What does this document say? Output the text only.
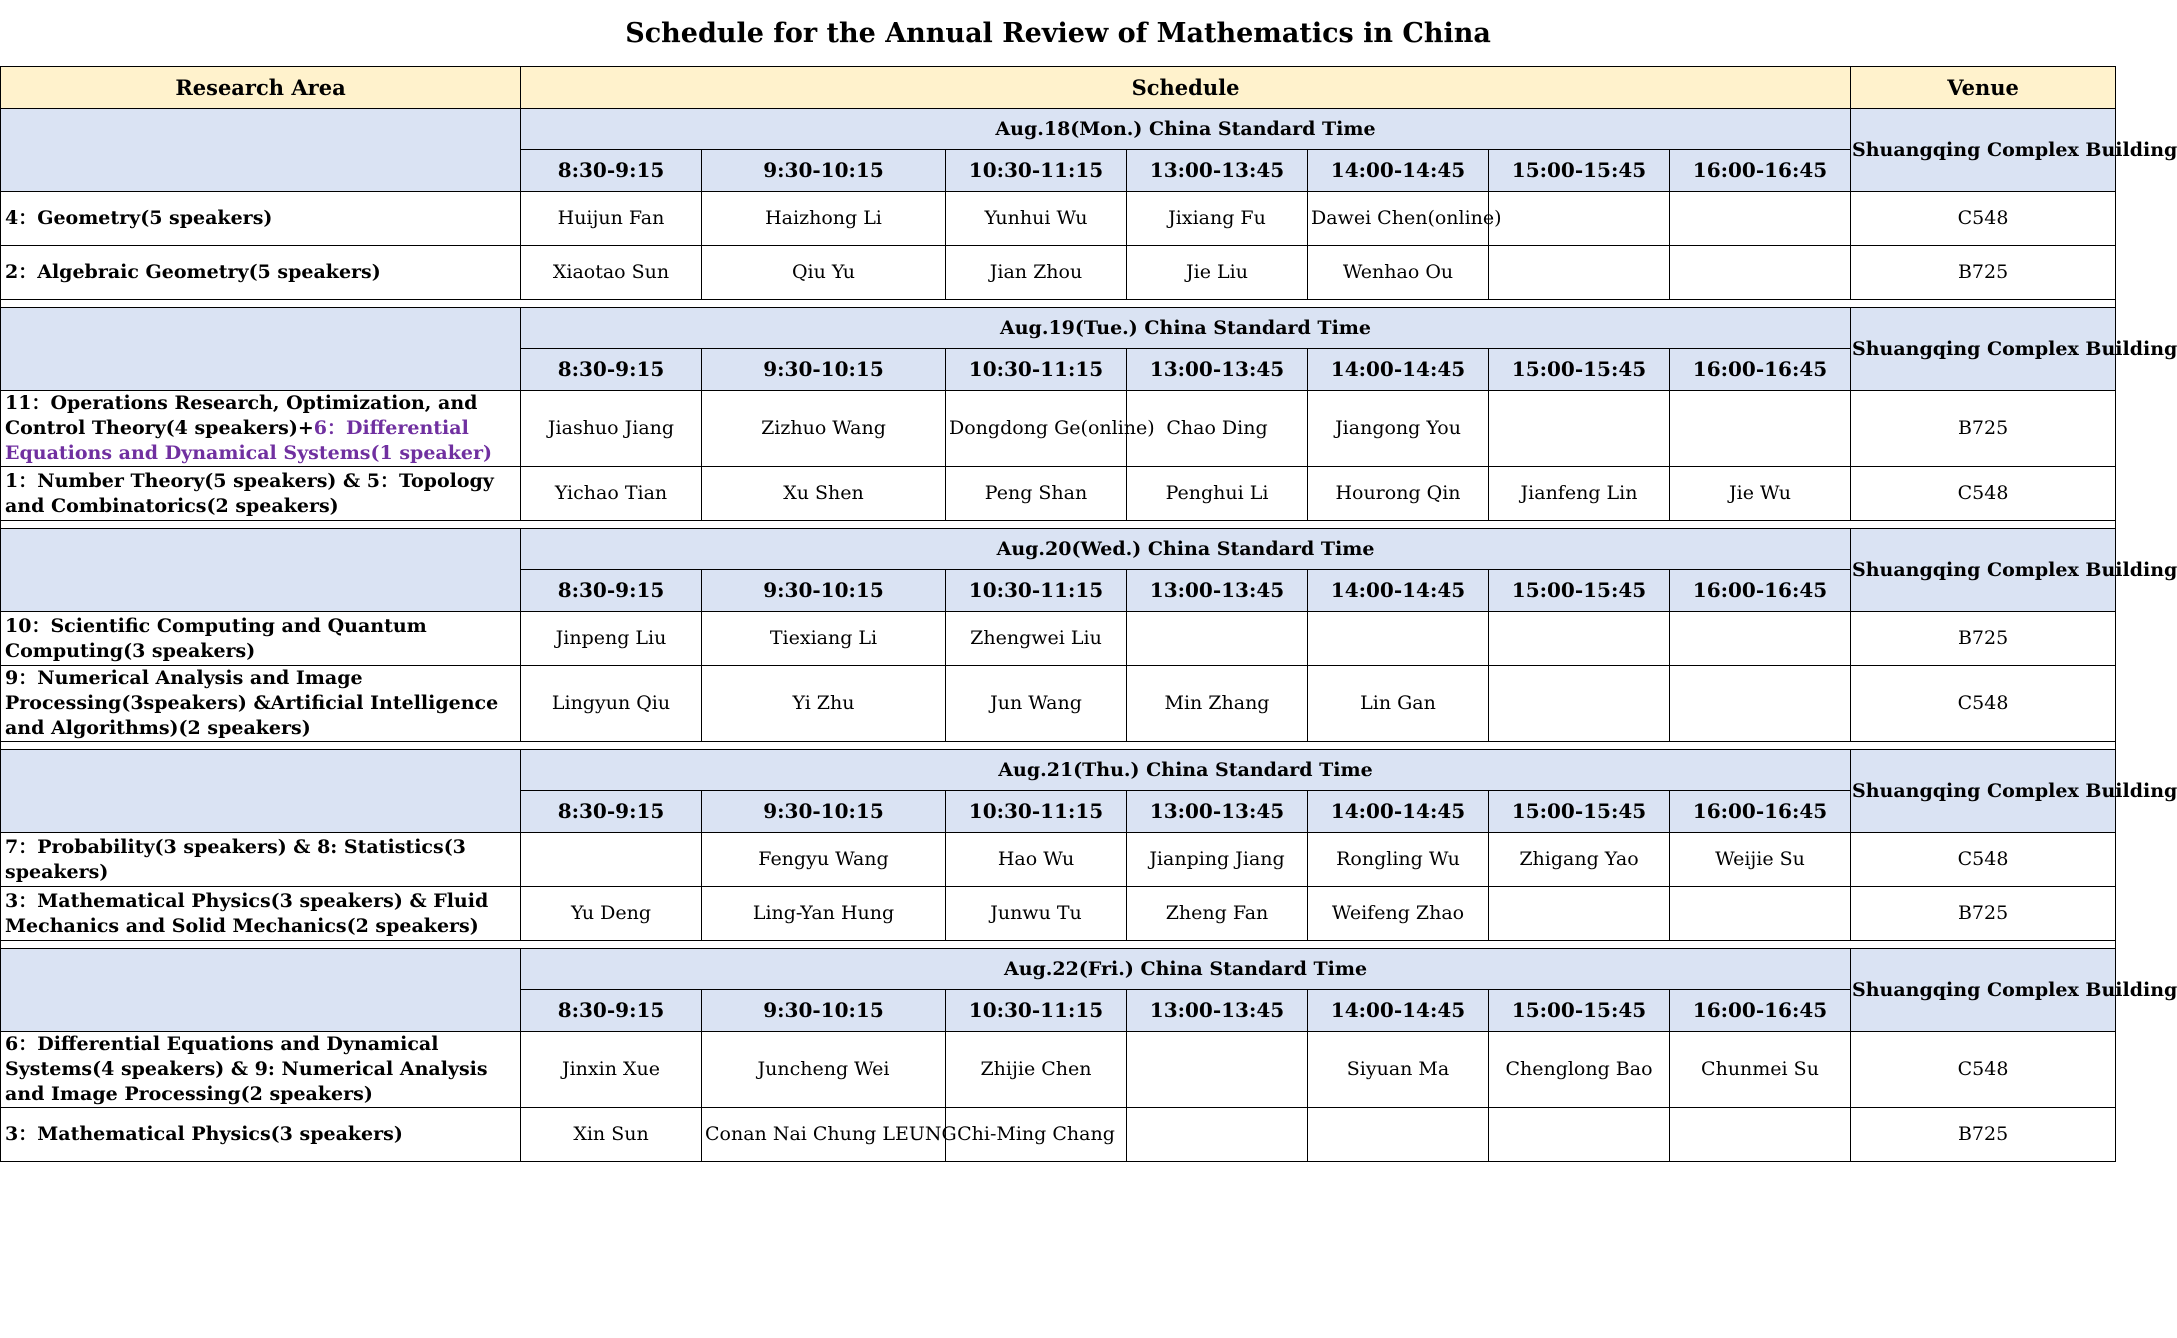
Schedule for the Annual Review of Mathematics in China								
Research Area	Schedule							Venue
	Aug.18(Mon.) China Standard Time							Shuangqing Complex Building
	8:30-9:15	9:30-10:15	10:30-11:15	13:00-13:45	14:00-14:45	15:00-15:45	16:00-16:45	
4：Geometry(5 speakers)	Huijun Fan	Haizhong Li	Yunhui Wu	Jixiang Fu	Dawei Chen(online)			C548
2：Algebraic Geometry(5 speakers)	Xiaotao Sun	Qiu Yu	Jian Zhou	Jie Liu	Wenhao Ou			B725

	Aug.19(Tue.) China Standard Time							Shuangqing Complex Building
	8:30-9:15	9:30-10:15	10:30-11:15	13:00-13:45	14:00-14:45	15:00-15:45	16:00-16:45	
11：Operations Research, Optimization, and Control Theory(4 speakers)+6：Differential Equations and Dynamical Systems(1 speaker)	Jiashuo Jiang	Zizhuo Wang	Dongdong Ge(online)	Chao Ding	Jiangong You			B725
1：Number Theory(5 speakers) & 5：Topology and Combinatorics(2 speakers)	Yichao Tian	Xu Shen	Peng Shan	Penghui Li	Hourong Qin	Jianfeng Lin	Jie Wu	C548

	Aug.20(Wed.) China Standard Time							Shuangqing Complex Building
	8:30-9:15	9:30-10:15	10:30-11:15	13:00-13:45	14:00-14:45	15:00-15:45	16:00-16:45	
10：Scientific Computing and Quantum Computing(3 speakers)	Jinpeng Liu	Tiexiang Li	Zhengwei Liu					B725
9：Numerical Analysis and Image Processing(3speakers) &Artificial Intelligence and Algorithms)(2 speakers)	Lingyun Qiu	Yi Zhu	Jun Wang	Min Zhang	Lin Gan			C548

	Aug.21(Thu.) China Standard Time							Shuangqing Complex Building
	8:30-9:15	9:30-10:15	10:30-11:15	13:00-13:45	14:00-14:45	15:00-15:45	16:00-16:45	
7：Probability(3 speakers) & 8: Statistics(3 speakers)		Fengyu Wang	Hao Wu	Jianping Jiang	Rongling Wu	Zhigang Yao	Weijie Su	C548
3：Mathematical Physics(3 speakers) & Fluid Mechanics and Solid Mechanics(2 speakers)	Yu Deng	Ling-Yan Hung	Junwu Tu	Zheng Fan	Weifeng Zhao			B725

	Aug.22(Fri.) China Standard Time							Shuangqing Complex Building
	8:30-9:15	9:30-10:15	10:30-11:15	13:00-13:45	14:00-14:45	15:00-15:45	16:00-16:45	
6：Differential Equations and Dynamical Systems(4 speakers) & 9: Numerical Analysis and Image Processing(2 speakers)	Jinxin Xue	Juncheng Wei	Zhijie Chen		Siyuan Ma	Chenglong Bao	Chunmei Su	C548
3：Mathematical Physics(3 speakers)	Xin Sun	Conan Nai Chung LEUNG	Chi-Ming Chang					B725
